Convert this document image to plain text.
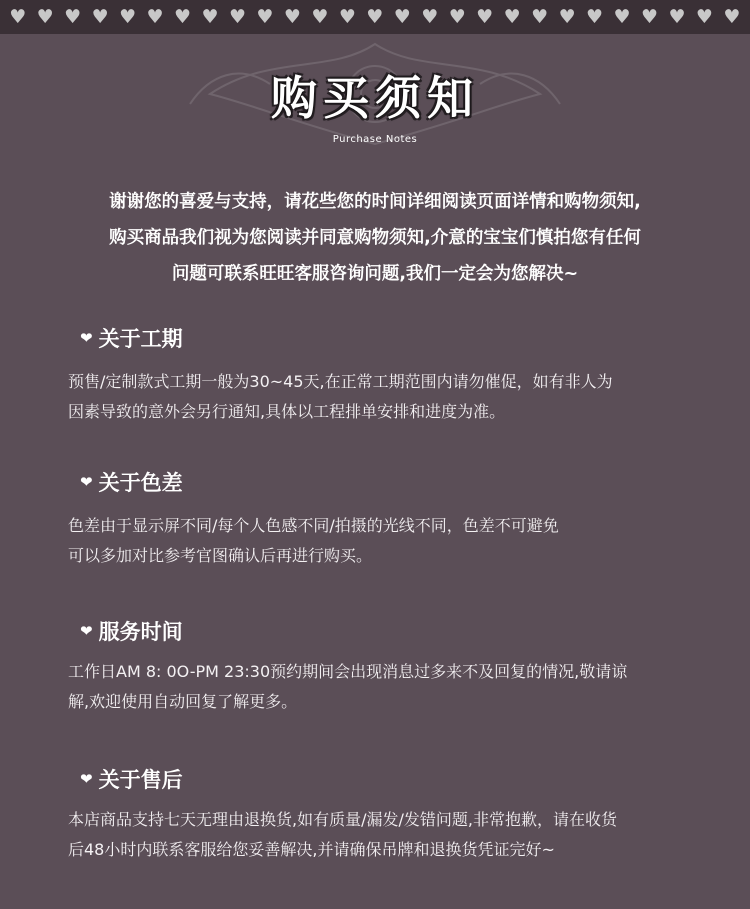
♥ ♥ ♥ ♥ ♥ ♥ ♥ ♥ ♥ ♥ ♥ ♥ ♥ ♥ ♥ ♥ ♥ ♥ ♥ ♥ ♥ ♥ ♥ ♥ ♥ ♥ ♥
购买须知
Purchase Notes
谢谢您的喜爱与支持，请花些您的时间详细阅读页面详情和购物须知,
购买商品我们视为您阅读并同意购物须知,介意的宝宝们慎拍您有任何
问题可联系旺旺客服咨询问题,我们一定会为您解决~
❤ 关于工期
预售/定制款式工期一般为30~45天,在正常工期范围内请勿催促，如有非人为
因素导致的意外会另行通知,具体以工程排单安排和进度为准。
❤ 关于色差
色差由于显示屏不同/每个人色感不同/拍摄的光线不同，色差不可避免
可以多加对比参考官图确认后再进行购买。
❤ 服务时间
工作日AM 8: 0O-PM 23:30预约期间会出现消息过多来不及回复的情况,敬请谅
解,欢迎使用自动回复了解更多。
❤ 关于售后
本店商品支持七天无理由退换货,如有质量/漏发/发错问题,非常抱歉，请在收货
后48小时内联系客服给您妥善解决,并请确保吊牌和退换货凭证完好~
